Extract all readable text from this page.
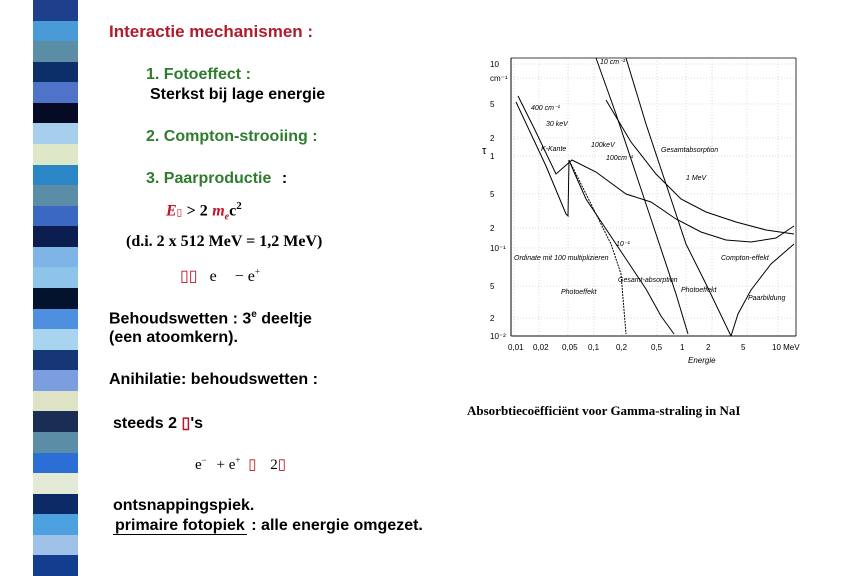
Interactie mechanismen :
1. Fotoeffect :
Sterkst bij lage energie
2. Compton-strooiing :
3. Paarproductie :
E▯ > 2 $m_ec^2$
(d.i. 2 x 512 MeV = 1,2 MeV)
▯▯ e − e+
Behoudswetten : 3e deeltje
(een atoomkern).
Anihilatie: behoudswetten :
steeds 2 ▯'s
e− + e+ ▯ 2▯
ontsnappingspiek.
primaire fotopiek : alle energie omgezet.
10
cm⁻¹
5
2
1
5
2
10⁻¹
5
2
10⁻²
0,01 0,02 0,05 0,1 0,2	0,5 1	2	5	10 MeV
τ
Energie
10 cm⁻¹
400 cm⁻¹
30 keV
K-Kante
100keV
100cm⁻¹
Gesamtabsorption
1 MeV
10⁻¹
Ordinate mit 100 multiplizieren	Compton-effekt
Gesamt-absorption
Photoeffekt	Photoeffekt
Paarbildung
Absorbtiecoëfficiënt voor Gamma-straling in NaI
